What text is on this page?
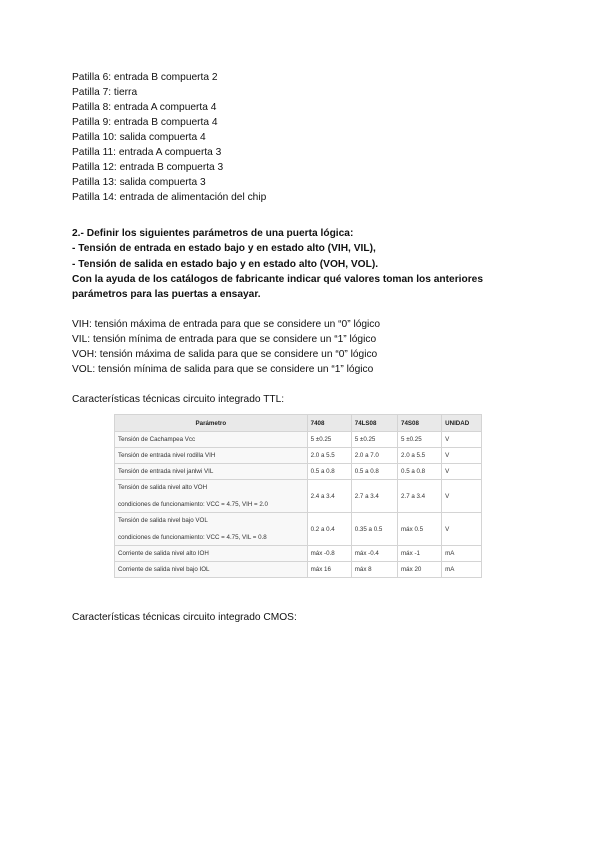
Patilla 6: entrada B compuerta 2
Patilla 7: tierra
Patilla 8: entrada A compuerta 4
Patilla 9: entrada B compuerta 4
Patilla 10: salida compuerta 4
Patilla 11: entrada A compuerta 3
Patilla 12: entrada B compuerta 3
Patilla 13: salida compuerta 3
Patilla 14: entrada de alimentación del chip
2.- Definir los siguientes parámetros de una puerta lógica:
- Tensión de entrada en estado bajo y en estado alto (VIH, VIL),
- Tensión de salida en estado bajo y en estado alto (VOH, VOL).
Con la ayuda de los catálogos de fabricante indicar qué valores toman los anteriores
parámetros para las puertas a ensayar.
VIH: tensión máxima de entrada para que se considere un “0” lógico
VIL: tensión mínima de entrada para que se considere un “1” lógico
VOH: tensión máxima de salida para que se considere un “0” lógico
VOL: tensión mínima de salida para que se considere un “1” lógico
Características técnicas circuito integrado TTL:
Parámetro	7408	74LS08	74S08	UNIDAD
Tensión de Cachampea Vcc	5 ±0.25	5 ±0.25	5 ±0.25	V
Tensión de entrada nivel rodilla VIH	2.0 a 5.5	2.0 a 7.0	2.0 a 5.5	V
Tensión de entrada nivel janlwi VIL	0.5 a 0.8	0.5 a 0.8	0.5 a 0.8	V

Tensión de salida nivel alto VOH
condiciones de funcionamiento: VCC = 4.75, VIH = 2.0	2.4 a 3.4	2.7 a 3.4	2.7 a 3.4	V

Tensión de salida nivel bajo VOL
condiciones de funcionamiento: VCC = 4.75, VIL = 0.8	0.2 a 0.4	0.35 a 0.5	máx 0.5	V
Corriente de salida nivel alto IOH	máx -0.8	máx -0.4	máx -1	mA
Corriente de salida nivel bajo IOL	máx 16	máx 8	máx 20	mA
Características técnicas circuito integrado CMOS:
